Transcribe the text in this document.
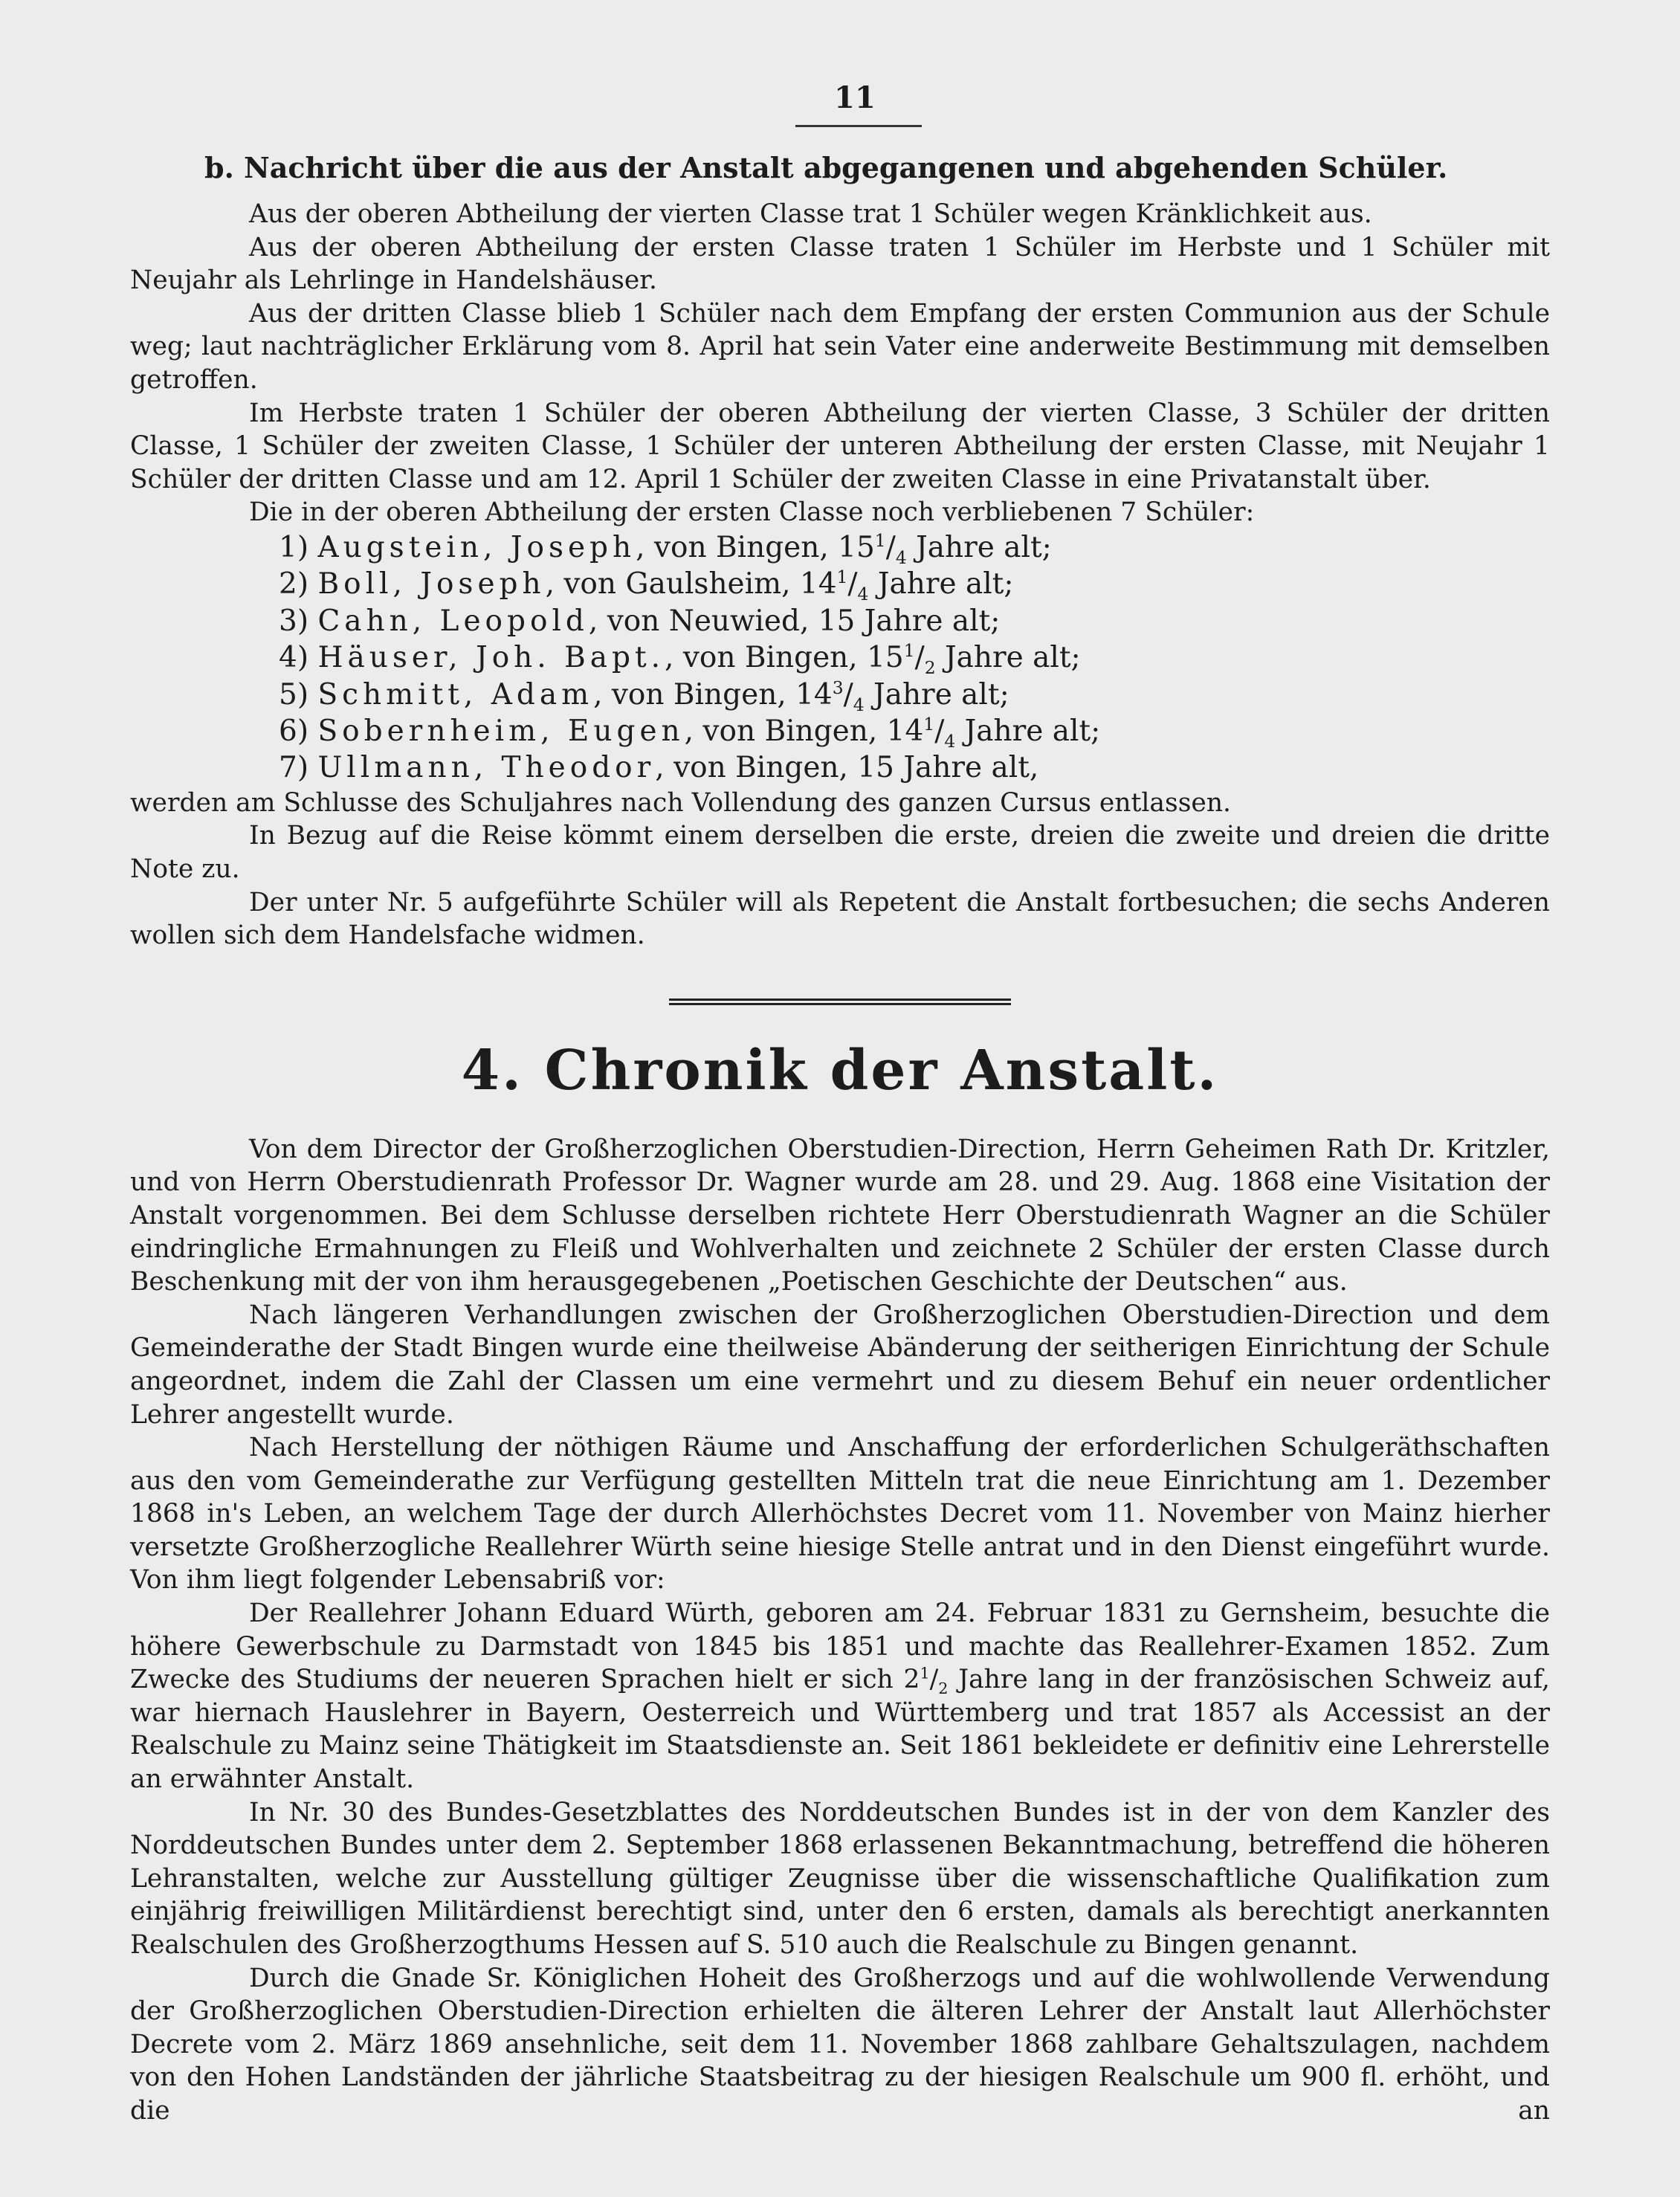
11

b. Nachricht über die aus der Anstalt abgegangenen und abgehenden Schüler.

Aus der oberen Abtheilung der vierten Classe trat 1 Schüler wegen Kränklichkeit aus.

Aus der oberen Abtheilung der ersten Classe traten 1 Schüler im Herbste und 1 Schüler mit Neujahr als Lehrlinge in Handelshäuser.

Aus der dritten Classe blieb 1 Schüler nach dem Empfang der ersten Communion aus der Schule weg; laut nachträglicher Erklärung vom 8. April hat sein Vater eine anderweite Bestimmung mit demselben getroffen.

Im Herbste traten 1 Schüler der oberen Abtheilung der vierten Classe, 3 Schüler der dritten Classe, 1 Schüler der zweiten Classe, 1 Schüler der unteren Abtheilung der ersten Classe, mit Neujahr 1 Schüler der dritten Classe und am 12. April 1 Schüler der zweiten Classe in eine Privatanstalt über.

Die in der oberen Abtheilung der ersten Classe noch verbliebenen 7 Schüler:

1) Augstein, Joseph, von Bingen, $15^1/_4$ Jahre alt;
2) Boll, Joseph, von Gaulsheim, $14^1/_4$ Jahre alt;
3) Cahn, Leopold, von Neuwied, 15 Jahre alt;
4) Häuser, Joh. Bapt., von Bingen, $15^1/_2$ Jahre alt;
5) Schmitt, Adam, von Bingen, $14^3/_4$ Jahre alt;
6) Sobernheim, Eugen, von Bingen, $14^1/_4$ Jahre alt;
7) Ullmann, Theodor, von Bingen, 15 Jahre alt,

werden am Schlusse des Schuljahres nach Vollendung des ganzen Cursus entlassen.

In Bezug auf die Reise kömmt einem derselben die erste, dreien die zweite und dreien die dritte Note zu.

Der unter Nr. 5 aufgeführte Schüler will als Repetent die Anstalt fortbesuchen; die sechs Anderen wollen sich dem Handelsfache widmen.

4. Chronik der Anstalt.

Von dem Director der Großherzoglichen Oberstudien-Direction, Herrn Geheimen Rath Dr. Kritzler, und von Herrn Oberstudienrath Professor Dr. Wagner wurde am 28. und 29. Aug. 1868 eine Visitation der Anstalt vorgenommen. Bei dem Schlusse derselben richtete Herr Oberstudienrath Wagner an die Schüler eindringliche Ermahnungen zu Fleiß und Wohlverhalten und zeichnete 2 Schüler der ersten Classe durch Beschenkung mit der von ihm herausgegebenen „Poetischen Geschichte der Deutschen“ aus.

Nach längeren Verhandlungen zwischen der Großherzoglichen Oberstudien-Direction und dem Gemeinderathe der Stadt Bingen wurde eine theilweise Abänderung der seitherigen Einrichtung der Schule angeordnet, indem die Zahl der Classen um eine vermehrt und zu diesem Behuf ein neuer ordentlicher Lehrer angestellt wurde.

Nach Herstellung der nöthigen Räume und Anschaffung der erforderlichen Schulgeräthschaften aus den vom Gemeinderathe zur Verfügung gestellten Mitteln trat die neue Einrichtung am 1. Dezember 1868 in's Leben, an welchem Tage der durch Allerhöchstes Decret vom 11. November von Mainz hierher versetzte Großherzogliche Reallehrer Würth seine hiesige Stelle antrat und in den Dienst eingeführt wurde. Von ihm liegt folgender Lebensabriß vor:

Der Reallehrer Johann Eduard Würth, geboren am 24. Februar 1831 zu Gernsheim, besuchte die höhere Gewerbschule zu Darmstadt von 1845 bis 1851 und machte das Reallehrer-Examen 1852. Zum Zwecke des Studiums der neueren Sprachen hielt er sich $2^1/_2$ Jahre lang in der französischen Schweiz auf, war hiernach Hauslehrer in Bayern, Oesterreich und Württemberg und trat 1857 als Accessist an der Realschule zu Mainz seine Thätigkeit im Staatsdienste an. Seit 1861 bekleidete er definitiv eine Lehrerstelle an erwähnter Anstalt.

In Nr. 30 des Bundes-Gesetzblattes des Norddeutschen Bundes ist in der von dem Kanzler des Norddeutschen Bundes unter dem 2. September 1868 erlassenen Bekanntmachung, betreffend die höheren Lehranstalten, welche zur Ausstellung gültiger Zeugnisse über die wissenschaftliche Qualifikation zum einjährig freiwilligen Militärdienst berechtigt sind, unter den 6 ersten, damals als berechtigt anerkannten Realschulen des Großherzogthums Hessen auf S. 510 auch die Realschule zu Bingen genannt.

Durch die Gnade Sr. Königlichen Hoheit des Großherzogs und auf die wohlwollende Verwendung der Großherzoglichen Oberstudien-Direction erhielten die älteren Lehrer der Anstalt laut Allerhöchster Decrete vom 2. März 1869 ansehnliche, seit dem 11. November 1868 zahlbare Gehaltszulagen, nachdem von den Hohen Landständen der jährliche Staatsbeitrag zu der hiesigen Realschule um 900 fl. erhöht, und die an
